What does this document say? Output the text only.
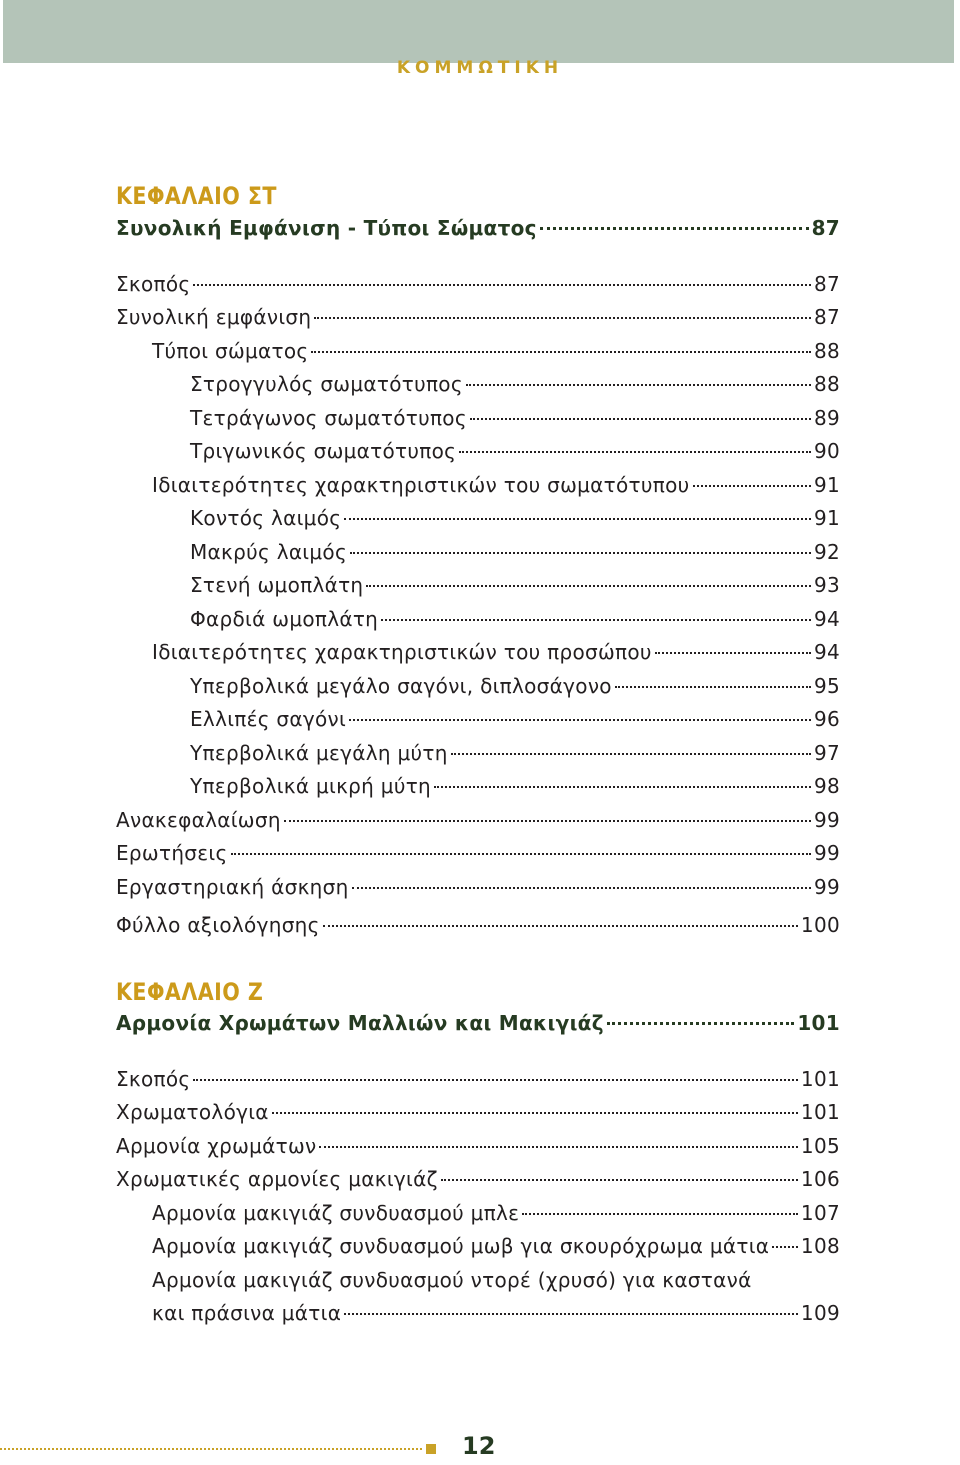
ΚΟΜΜΩΤΙΚΗ
ΚΕΦΑΛΑΙΟ ΣΤ
Συνολική Εμφάνιση - Τύποι Σώματος	87
Σκοπός	87
Συνολική εμφάνιση	87
Τύποι σώματος	88
Στρογγυλός σωματότυπος	88
Τετράγωνος σωματότυπος	89
Τριγωνικός σωματότυπος	90
Ιδιαιτερότητες χαρακτηριστικών του σωματότυπου	91
Κοντός λαιμός	91
Μακρύς λαιμός	92
Στενή ωμοπλάτη	93
Φαρδιά ωμοπλάτη	94
Ιδιαιτερότητες χαρακτηριστικών του προσώπου	94
Υπερβολικά μεγάλο σαγόνι, διπλοσάγονο	95
Ελλιπές σαγόνι	96
Υπερβολικά μεγάλη μύτη	97
Υπερβολικά μικρή μύτη	98
Ανακεφαλαίωση	99
Ερωτήσεις	99
Εργαστηριακή άσκηση	99
Φύλλο αξιολόγησης	100
ΚΕΦΑΛΑΙΟ Ζ
Αρμονία Χρωμάτων Μαλλιών και Μακιγιάζ	101
Σκοπός	101
Χρωματολόγια	101
Αρμονία χρωμάτων	105
Χρωματικές αρμονίες μακιγιάζ	106
Αρμονία μακιγιάζ συνδυασμού μπλε	107
Αρμονία μακιγιάζ συνδυασμού μωβ για σκουρόχρωμα μάτια 108
Αρμονία μακιγιάζ συνδυασμού ντορέ (χρυσό) για καστανά
και πράσινα μάτια	109
12
